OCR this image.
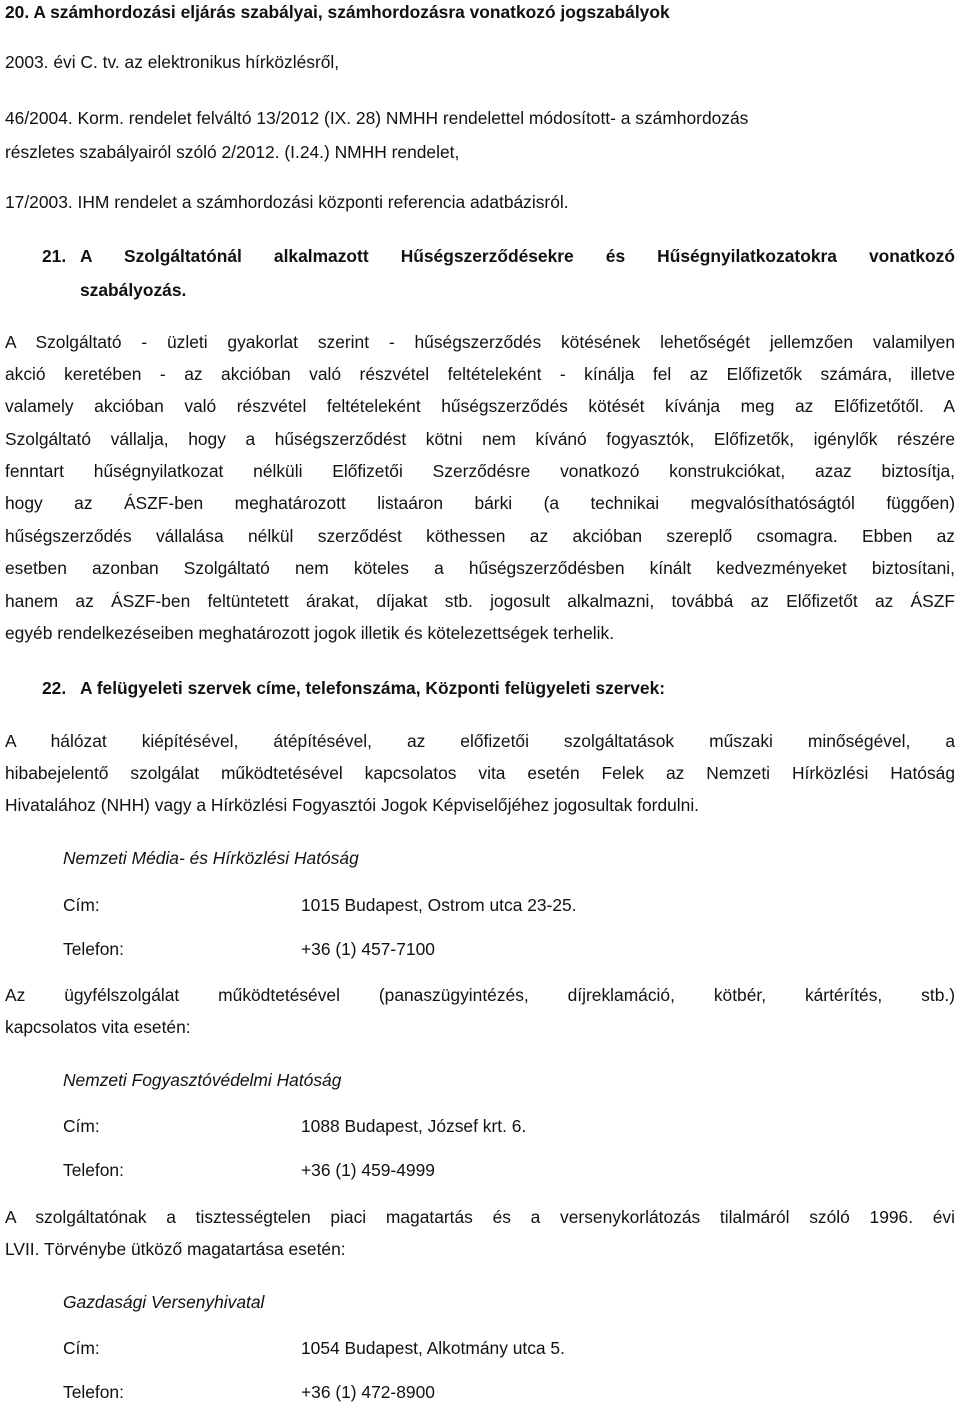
20. A számhordozási eljárás szabályai, számhordozásra vonatkozó jogszabályok
2003. évi C. tv. az elektronikus hírközlésről,
46/2004. Korm. rendelet felváltó 13/2012 (IX. 28) NMHH rendelettel módosított- a számhordozás
részletes szabályairól szóló 2/2012. (I.24.) NMHH rendelet,
17/2003. IHM rendelet a számhordozási központi referencia adatbázisról.
21. A Szolgáltatónál alkalmazott Hűségszerződésekre és Hűségnyilatkozatokra vonatkozó
szabályozás.
A Szolgáltató - üzleti gyakorlat szerint - hűségszerződés kötésének lehetőségét jellemzően valamilyen
akció keretében - az akcióban való részvétel feltételeként - kínálja fel az Előfizetők számára, illetve
valamely akcióban való részvétel feltételeként hűségszerződés kötését kívánja meg az Előfizetőtől. A
Szolgáltató vállalja, hogy a hűségszerződést kötni nem kívánó fogyasztók, Előfizetők, igénylők részére
fenntart hűségnyilatkozat nélküli Előfizetői Szerződésre vonatkozó konstrukciókat, azaz biztosítja,
hogy az ÁSZF-ben meghatározott listaáron bárki (a technikai megvalósíthatóságtól függően)
hűségszerződés vállalása nélkül szerződést köthessen az akcióban szereplő csomagra. Ebben az
esetben azonban Szolgáltató nem köteles a hűségszerződésben kínált kedvezményeket biztosítani,
hanem az ÁSZF-ben feltüntetett árakat, díjakat stb. jogosult alkalmazni, továbbá az Előfizetőt az ÁSZF
egyéb rendelkezéseiben meghatározott jogok illetik és kötelezettségek terhelik.
22. A felügyeleti szervek címe, telefonszáma, Központi felügyeleti szervek:
A hálózat kiépítésével, átépítésével, az előfizetői szolgáltatások műszaki minőségével, a
hibabejelentő szolgálat működtetésével kapcsolatos vita esetén Felek az Nemzeti Hírközlési Hatóság
Hivatalához (NHH) vagy a Hírközlési Fogyasztói Jogok Képviselőjéhez jogosultak fordulni.
Nemzeti Média- és Hírközlési Hatóság
Cím:	1015 Budapest, Ostrom utca 23-25.
Telefon:	+36 (1) 457-7100
Az ügyfélszolgálat működtetésével (panaszügyintézés, díjreklamáció, kötbér, kártérítés, stb.)
kapcsolatos vita esetén:
Nemzeti Fogyasztóvédelmi Hatóság
Cím:	1088 Budapest, József krt. 6.
Telefon:	+36 (1) 459-4999
A szolgáltatónak a tisztességtelen piaci magatartás és a versenykorlátozás tilalmáról szóló 1996. évi
LVII. Törvénybe ütköző magatartása esetén:
Gazdasági Versenyhivatal
Cím:	1054 Budapest, Alkotmány utca 5.
Telefon:	+36 (1) 472-8900
